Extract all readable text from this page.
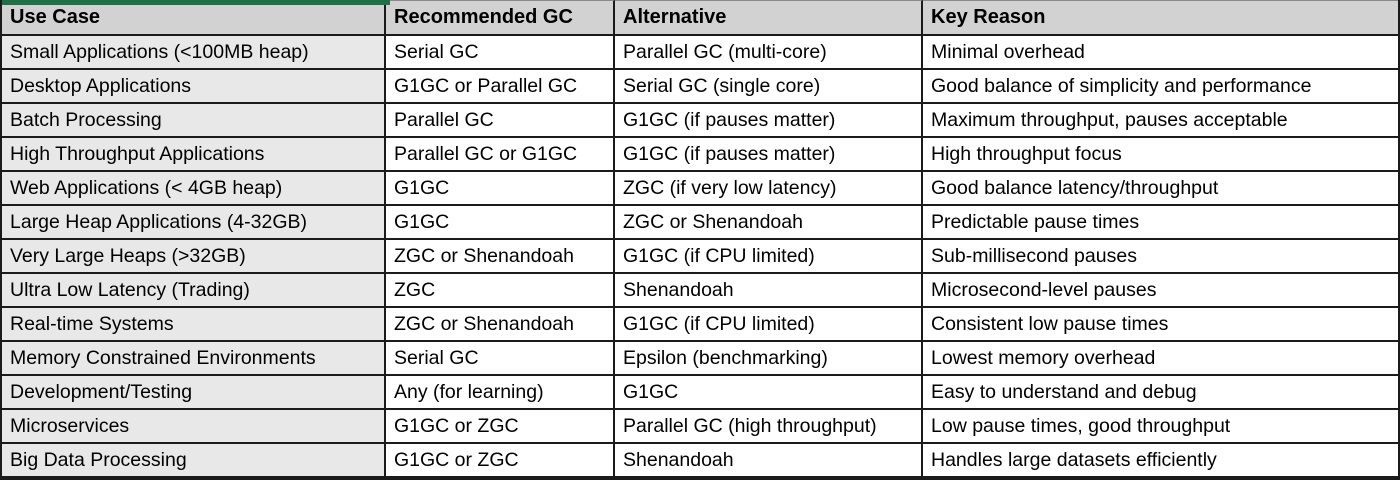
Use Case	Recommended GC	Alternative	Key Reason
Small Applications (<100MB heap)	Serial GC	Parallel GC (multi-core)	Minimal overhead
Desktop Applications	G1GC or Parallel GC	Serial GC (single core)	Good balance of simplicity and performance
Batch Processing	Parallel GC	G1GC (if pauses matter)	Maximum throughput, pauses acceptable
High Throughput Applications	Parallel GC or G1GC	G1GC (if pauses matter)	High throughput focus
Web Applications (< 4GB heap)	G1GC	ZGC (if very low latency)	Good balance latency/throughput
Large Heap Applications (4-32GB)	G1GC	ZGC or Shenandoah	Predictable pause times
Very Large Heaps (>32GB)	ZGC or Shenandoah	G1GC (if CPU limited)	Sub-millisecond pauses
Ultra Low Latency (Trading)	ZGC	Shenandoah	Microsecond-level pauses
Real-time Systems	ZGC or Shenandoah	G1GC (if CPU limited)	Consistent low pause times
Memory Constrained Environments	Serial GC	Epsilon (benchmarking)	Lowest memory overhead
Development/Testing	Any (for learning)	G1GC	Easy to understand and debug
Microservices	G1GC or ZGC	Parallel GC (high throughput)	Low pause times, good throughput
Big Data Processing	G1GC or ZGC	Shenandoah	Handles large datasets efficiently
